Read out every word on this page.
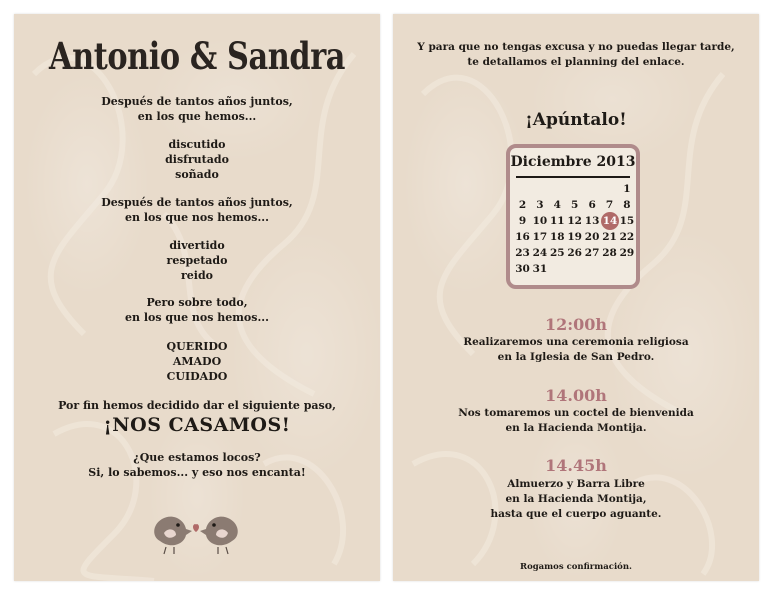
Antonio & Sandra
Después de tantos años juntos,
en los que hemos...
discutido
disfrutado
soñado
Después de tantos años juntos,
en los que nos hemos...
divertido
respetado
reido
Pero sobre todo,
en los que nos hemos...
QUERIDO
AMADO
CUIDADO
Por fin hemos decidido dar el siguiente paso,
¡NOS CASAMOS!
¿Que estamos locos?
Si, lo sabemos... y eso nos encanta!
Y para que no tengas excusa y no puedas llegar tarde,
te detallamos el planning del enlace.
¡Apúntalo!
Diciembre 2013
1
2 3 4 5 6 7 8
9 10 11 12 13 14 15
16 17 18 19 20 21 22
23 24 25 26 27 28 29
30 31
12:00h
Realizaremos una ceremonia religiosa
en la Iglesia de San Pedro.
14.00h
Nos tomaremos un coctel de bienvenida
en la Hacienda Montija.
14.45h
Almuerzo y Barra Libre
en la Hacienda Montija,
hasta que el cuerpo aguante.
Rogamos confirmación.
